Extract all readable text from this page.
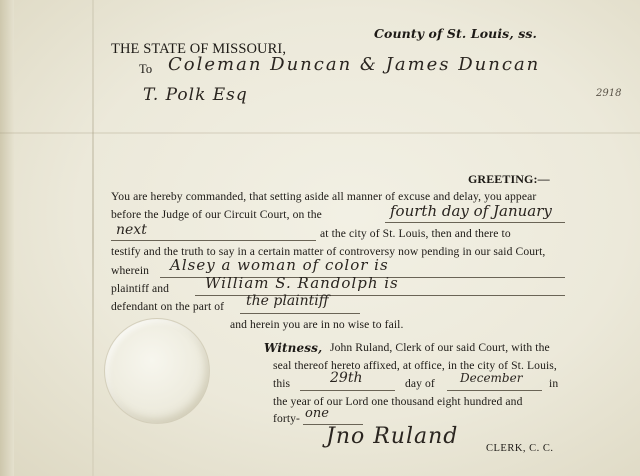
County of St. Louis, ss.
THE STATE OF MISSOURI,
To Coleman Duncan & James Duncan
T. Polk Esq	2918
GREETING:—
You are hereby commanded, that setting aside all manner of excuse and delay, you appear
before the Judge of our Circuit Court, on the	fourth day of January
next	at the city of St. Louis, then and there to
testify and the truth to say in a certain matter of controversy now pending in our said Court,
wherein Alsey a woman of color is
plaintiff and William S. Randolph is
defendant on the part of the plaintiff
and herein you are in no wise to fail.
Witness, John Ruland, Clerk of our said Court, with the
seal thereof hereto affixed, at office, in the city of St. Louis,
this	29th	day of December in
the year of our Lord one thousand eight hundred and
forty- one
Jno Ruland	CLERK, C. C.
